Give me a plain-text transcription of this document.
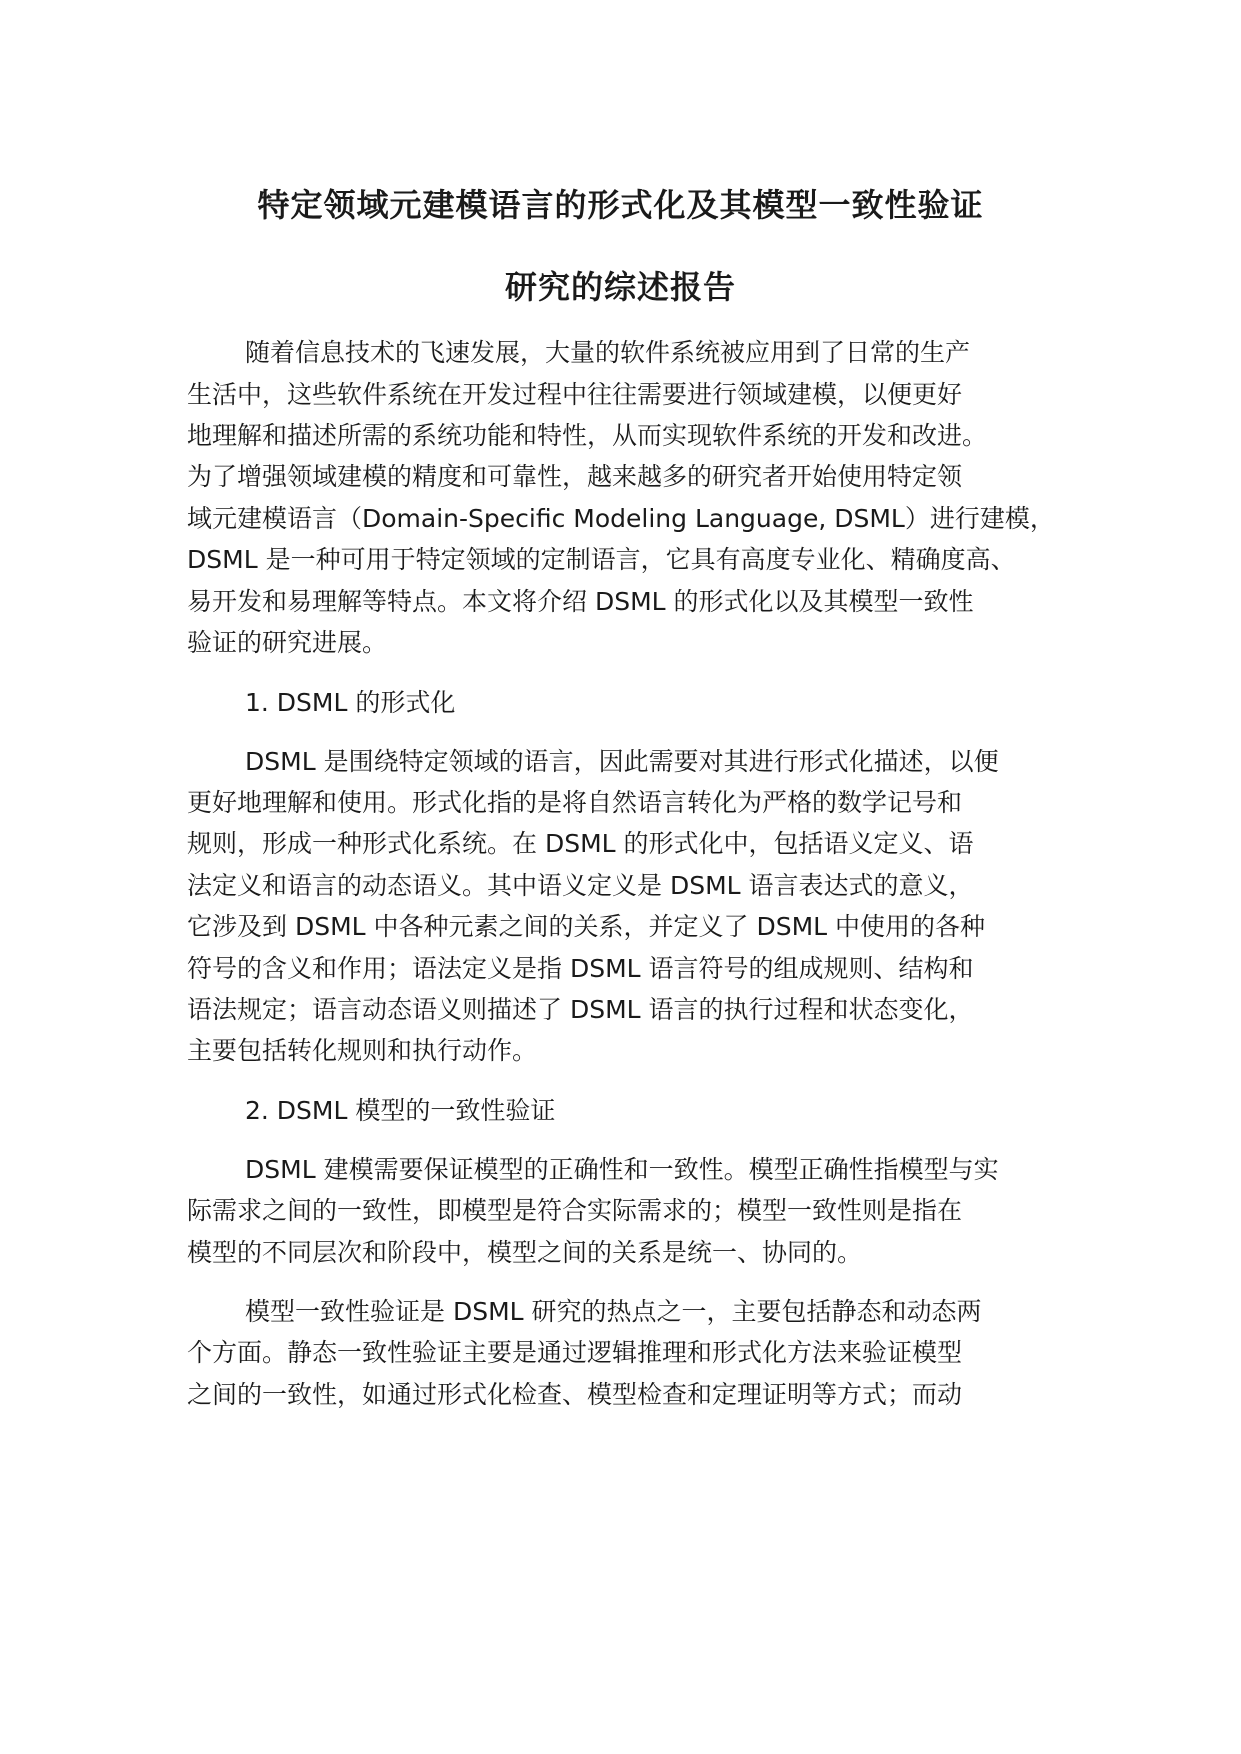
特定领域元建模语言的形式化及其模型一致性验证
研究的综述报告
随着信息技术的飞速发展，大量的软件系统被应用到了日常的生产
生活中，这些软件系统在开发过程中往往需要进行领域建模，以便更好
地理解和描述所需的系统功能和特性，从而实现软件系统的开发和改进。
为了增强领域建模的精度和可靠性，越来越多的研究者开始使用特定领
域元建模语言（Domain-Specific Modeling Language, DSML）进行建模，
DSML 是一种可用于特定领域的定制语言，它具有高度专业化、精确度高、
易开发和易理解等特点。本文将介绍 DSML 的形式化以及其模型一致性
验证的研究进展。
1. DSML 的形式化
DSML 是围绕特定领域的语言，因此需要对其进行形式化描述，以便
更好地理解和使用。形式化指的是将自然语言转化为严格的数学记号和
规则，形成一种形式化系统。在 DSML 的形式化中，包括语义定义、语
法定义和语言的动态语义。其中语义定义是 DSML 语言表达式的意义，
它涉及到 DSML 中各种元素之间的关系，并定义了 DSML 中使用的各种
符号的含义和作用；语法定义是指 DSML 语言符号的组成规则、结构和
语法规定；语言动态语义则描述了 DSML 语言的执行过程和状态变化，
主要包括转化规则和执行动作。
2. DSML 模型的一致性验证
DSML 建模需要保证模型的正确性和一致性。模型正确性指模型与实
际需求之间的一致性，即模型是符合实际需求的；模型一致性则是指在
模型的不同层次和阶段中，模型之间的关系是统一、协同的。
模型一致性验证是 DSML 研究的热点之一，主要包括静态和动态两
个方面。静态一致性验证主要是通过逻辑推理和形式化方法来验证模型
之间的一致性，如通过形式化检查、模型检查和定理证明等方式；而动
